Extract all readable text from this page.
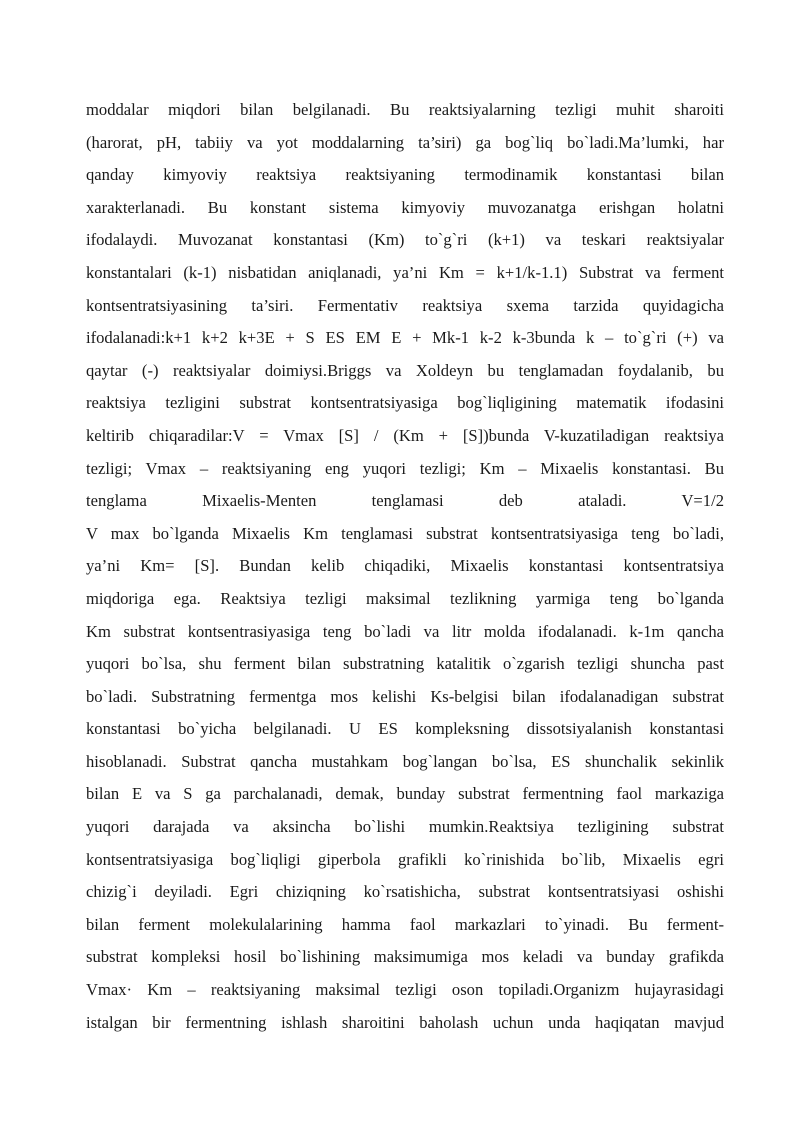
moddalar miqdori bilan belgilanadi. Bu reaktsiyalarning tezligi muhit sharoiti
(harorat, pH, tabiiy va yot moddalarning ta’siri) ga bog`liq bo`ladi.Ma’lumki, har
qanday kimyoviy reaktsiya reaktsiyaning termodinamik konstantasi bilan
xarakterlanadi. Bu konstant sistema kimyoviy muvozanatga erishgan holatni
ifodalaydi. Muvozanat konstantasi (Km) to`g`ri (k+1) va teskari reaktsiyalar
konstantalari (k-1) nisbatidan aniqlanadi, ya’ni Km = k+1/k-1.1) Substrat va ferment
kontsentratsiyasining ta’siri. Fermentativ reaktsiya sxema tarzida quyidagicha
ifodalanadi:k+1 k+2 k+3E + S ES EM E + Mk-1 k-2 k-3bunda k – to`g`ri (+) va
qaytar (-) reaktsiyalar doimiysi.Briggs va Xoldeyn bu tenglamadan foydalanib, bu
reaktsiya tezligini substrat kontsentratsiyasiga bog`liqligining matematik ifodasini
keltirib chiqaradilar:V = Vmax [S] / (Km + [S])bunda V-kuzatiladigan reaktsiya
tezligi; Vmax – reaktsiyaning eng yuqori tezligi; Km – Mixaelis konstantasi. Bu
tenglama Mixaelis-Menten tenglamasi deb ataladi. V=1/2
V max bo`lganda Mixaelis Km tenglamasi substrat kontsentratsiyasiga teng bo`ladi,
ya’ni Km= [S]. Bundan kelib chiqadiki, Mixaelis konstantasi kontsentratsiya
miqdoriga ega. Reaktsiya tezligi maksimal tezlikning yarmiga teng bo`lganda
Km substrat kontsentrasiyasiga teng bo`ladi va litr molda ifodalanadi. k-1m qancha
yuqori bo`lsa, shu ferment bilan substratning katalitik o`zgarish tezligi shuncha past
bo`ladi. Substratning fermentga mos kelishi Ks-belgisi bilan ifodalanadigan substrat
konstantasi bo`yicha belgilanadi. U ES kompleksning dissotsiyalanish konstantasi
hisoblanadi. Substrat qancha mustahkam bog`langan bo`lsa, ES shunchalik sekinlik
bilan E va S ga parchalanadi, demak, bunday substrat fermentning faol markaziga
yuqori darajada va aksincha bo`lishi mumkin.Reaktsiya tezligining substrat
kontsentratsiyasiga bog`liqligi giperbola grafikli ko`rinishida bo`lib, Mixaelis egri
chizig`i deyiladi. Egri chiziqning ko`rsatishicha, substrat kontsentratsiyasi oshishi
bilan ferment molekulalarining hamma faol markazlari to`yinadi. Bu ferment-
substrat kompleksi hosil bo`lishining maksimumiga mos keladi va bunday grafikda
Vmax· Km – reaktsiyaning maksimal tezligi oson topiladi.Organizm hujayrasidagi
istalgan bir fermentning ishlash sharoitini baholash uchun unda haqiqatan mavjud
